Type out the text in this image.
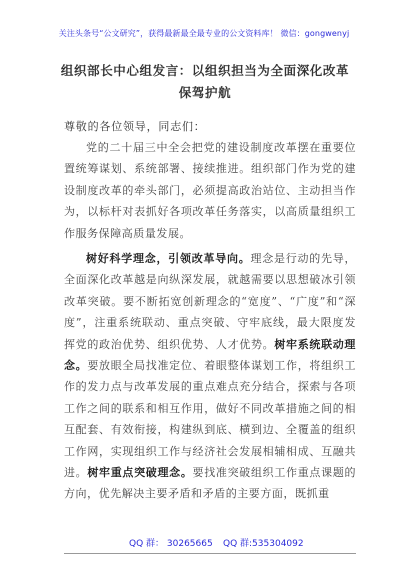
关注头条号“公文研究”，获得最新最全最专业的公文资料库！ 微信：gongwenyj
组织部长中心组发言：以组织担当为全面深化改革保驾护航
尊敬的各位领导，同志们：
党的二十届三中全会把党的建设制度改革摆在重要位置统筹谋划、系统部署、接续推进。组织部门作为党的建设制度改革的牵头部门，必须提高政治站位、主动担当作为，以标杆对表抓好各项改革任务落实，以高质量组织工作服务保障高质量发展。
树好科学理念，引领改革导向。理念是行动的先导，全面深化改革越是向纵深发展，就越需要以思想破冰引领改革突破。要不断拓宽创新理念的“宽度”、“广度”和“深度”，注重系统联动、重点突破、守牢底线，最大限度发挥党的政治优势、组织优势、人才优势。树牢系统联动理念。要放眼全局找准定位、着眼整体谋划工作，将组织工作的发力点与改革发展的重点难点充分结合，探索与各项工作之间的联系和相互作用，做好不同改革措施之间的相互配套、有效衔接，构建纵到底、横到边、全覆盖的组织工作网，实现组织工作与经济社会发展相辅相成、互融共进。树牢重点突破理念。要找准突破组织工作重点课题的方向，优先解决主要矛盾和矛盾的主要方面，既抓重
QQ 群： 30265665 QQ 群:535304092
